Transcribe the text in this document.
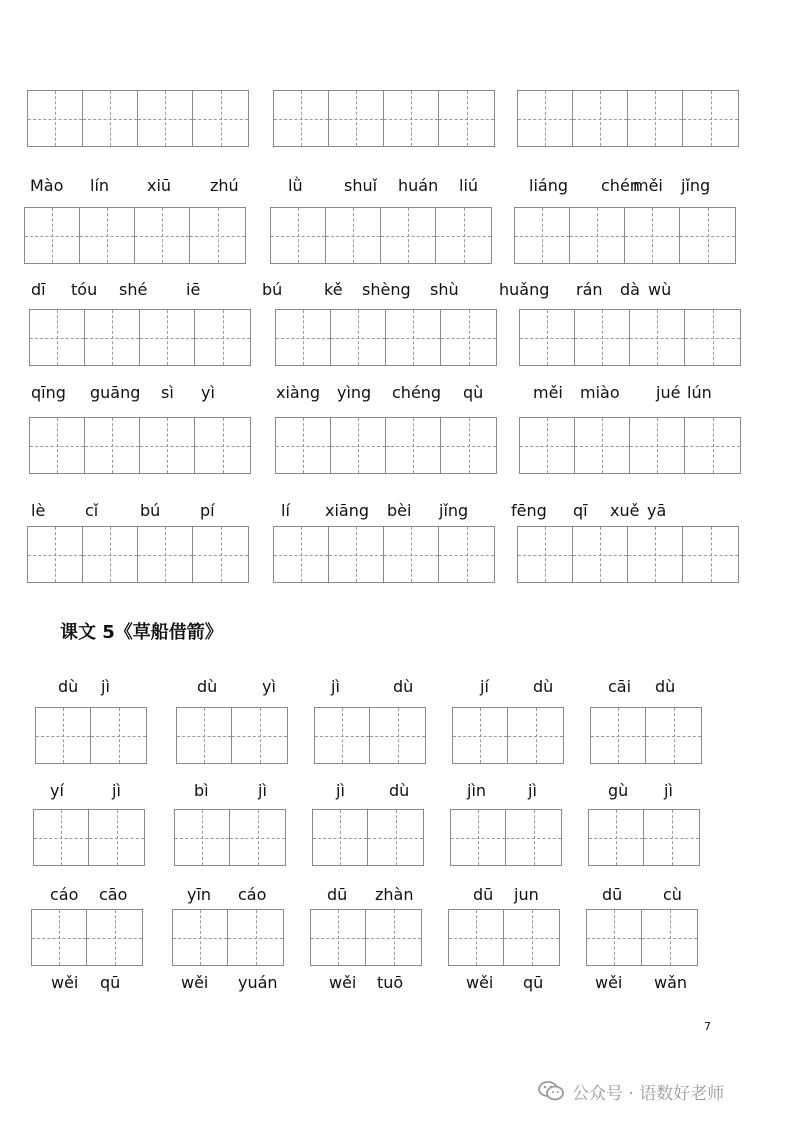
Mào lín xiū zhú	lǜ	shuǐ huán liú	liáng chén
měi jǐng
dī tóu shé iē	bú	kě shèng shù	huǎng rán dà wù
qīng guāng sì yì	xiàng yìng chéng qù	měi miào jué lún
lè cǐ	bú pí	lí xiāng bèi jǐng	fēng qī xuě yā
dù jì	dù	yì	jì	dù	jí	dù	cāi dù
yí	jì	bì	jì	jì	dù	jìn	jì	gù jì
cáo cāo	yīn cáo	dū zhàn	dū jun	dū	cù
wěi qū	wěi yuán	wěi tuō	wěi qū	wěi wǎn
课文 5《草船借箭》
7
公众号 · 语数好老师
